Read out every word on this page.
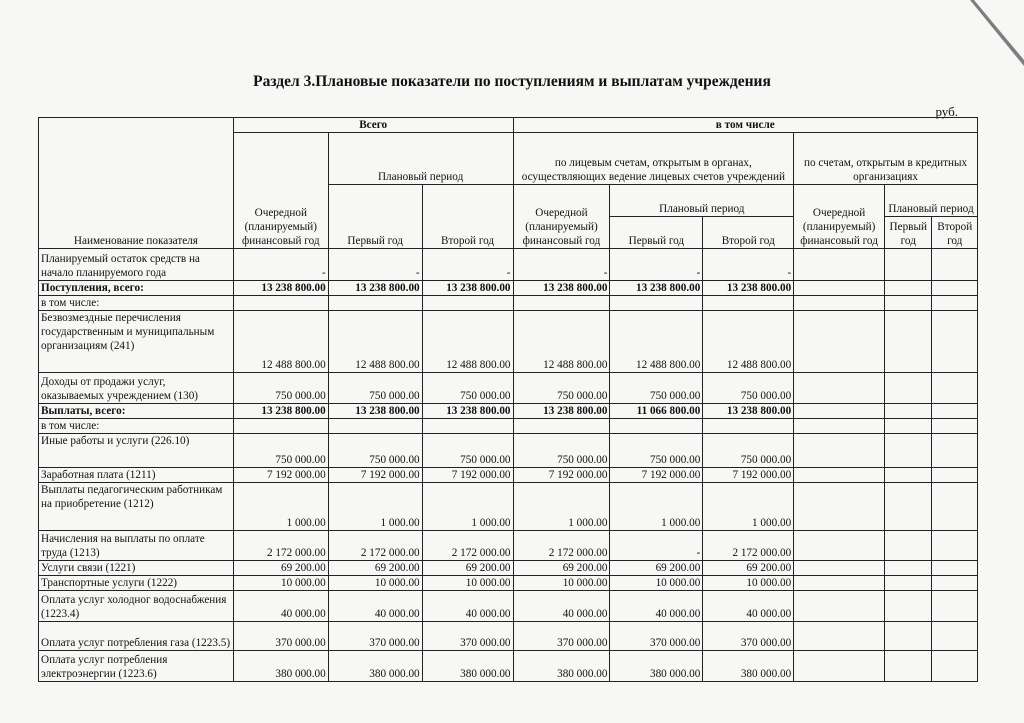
Раздел 3.Плановые показатели по поступлениям и выплатам учреждения
руб.
Наименование показателя	Всего			в том числе					
	Очередной (планируемый) финансовый год	Плановый период		по лицевым счетам, открытым в органах, осуществляющих ведение лицевых счетов учреждений			по счетам, открытым в кредитных организациях		
		Первый год	Второй год	Очередной (планируемый) финансовый год	Плановый период		Очередной (планируемый) финансовый год	Плановый период	
					Первый год	Второй год		Первый год	Второй год
Планируемый остаток средств на начало планируемого года	-	-	-	-	-	-			
Поступления, всего:	13 238 800.00	13 238 800.00	13 238 800.00	13 238 800.00	13 238 800.00	13 238 800.00			
в том числе:									
Безвозмездные перечисления государственным и муниципальным организациям (241)	12 488 800.00	12 488 800.00	12 488 800.00	12 488 800.00	12 488 800.00	12 488 800.00			
Доходы от продажи услуг, оказываемых учреждением (130)	750 000.00	750 000.00	750 000.00	750 000.00	750 000.00	750 000.00			
Выплаты, всего:	13 238 800.00	13 238 800.00	13 238 800.00	13 238 800.00	11 066 800.00	13 238 800.00			
в том числе:									
Иные работы и услуги (226.10)	750 000.00	750 000.00	750 000.00	750 000.00	750 000.00	750 000.00			
Заработная плата (1211)	7 192 000.00	7 192 000.00	7 192 000.00	7 192 000.00	7 192 000.00	7 192 000.00			
Выплаты педагогическим работникам на приобретение (1212)	1 000.00	1 000.00	1 000.00	1 000.00	1 000.00	1 000.00			
Начисления на выплаты по оплате труда (1213)	2 172 000.00	2 172 000.00	2 172 000.00	2 172 000.00	-	2 172 000.00			
Услуги связи (1221)	69 200.00	69 200.00	69 200.00	69 200.00	69 200.00	69 200.00			
Транспортные услуги (1222)	10 000.00	10 000.00	10 000.00	10 000.00	10 000.00	10 000.00			
Оплата услуг холодног водоснабжения (1223.4)	40 000.00	40 000.00	40 000.00	40 000.00	40 000.00	40 000.00			
Оплата услуг потребления газа (1223.5)	370 000.00	370 000.00	370 000.00	370 000.00	370 000.00	370 000.00			
Оплата услуг потребления электроэнергии (1223.6)	380 000.00	380 000.00	380 000.00	380 000.00	380 000.00	380 000.00			
